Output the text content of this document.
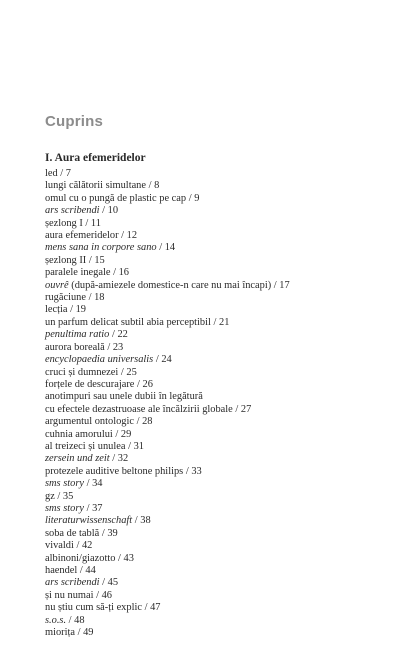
Cuprins
I. Aura efemeridelor
led / 7
lungi călătorii simultane / 8
omul cu o pungă de plastic pe cap / 9
ars scribendi / 10
șezlong I / 11
aura efemeridelor / 12
mens sana in corpore sano / 14
șezlong II / 15
paralele inegale / 16
ouvrê (după-amiezele domestice-n care nu mai încapi) / 17
rugăciune / 18
lecția / 19
un parfum delicat subtil abia perceptibil / 21
penultima ratio / 22
aurora boreală / 23
encyclopaedia universalis / 24
cruci și dumnezei / 25
forțele de descurajare / 26
anotimpuri sau unele dubii în legătură
cu efectele dezastruoase ale încălzirii globale / 27
argumentul ontologic / 28
cuhnia amorului / 29
al treizeci și unulea / 31
zersein und zeit / 32
protezele auditive beltone philips / 33
sms story / 34
gz / 35
sms story / 37
literaturwissenschaft / 38
soba de tablă / 39
vivaldi / 42
albinoni/giazotto / 43
haendel / 44
ars scribendi / 45
și nu numai / 46
nu știu cum să-ți explic / 47
s.o.s. / 48
miorița / 49
